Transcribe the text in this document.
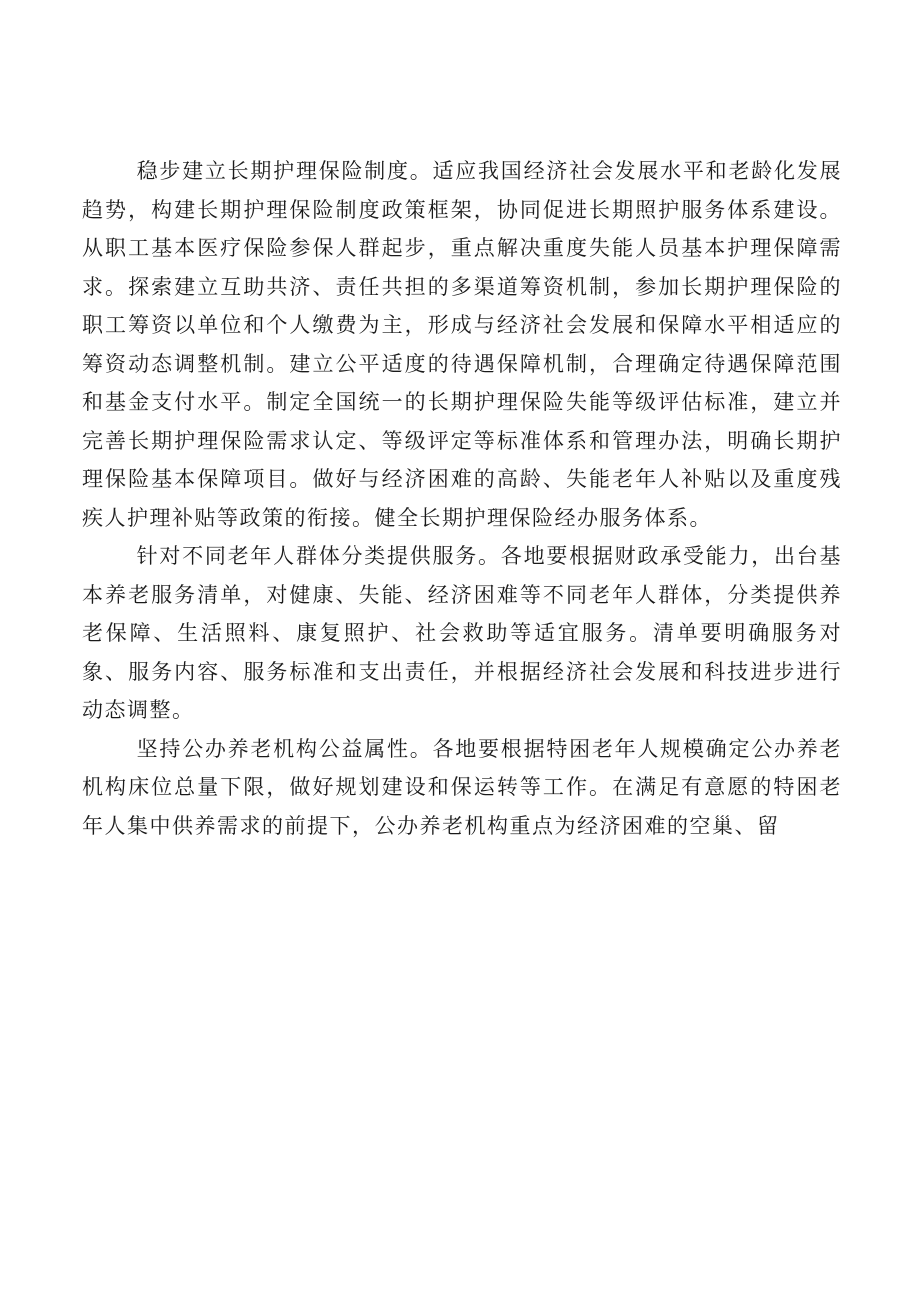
稳步建立长期护理保险制度。适应我国经济社会发展水平和老龄化发展趋势，构建长期护理保险制度政策框架，协同促进长期照护服务体系建设。从职工基本医疗保险参保人群起步，重点解决重度失能人员基本护理保障需求。探索建立互助共济、责任共担的多渠道筹资机制，参加长期护理保险的职工筹资以单位和个人缴费为主，形成与经济社会发展和保障水平相适应的筹资动态调整机制。建立公平适度的待遇保障机制，合理确定待遇保障范围和基金支付水平。制定全国统一的长期护理保险失能等级评估标准，建立并完善长期护理保险需求认定、等级评定等标准体系和管理办法，明确长期护理保险基本保障项目。做好与经济困难的高龄、失能老年人补贴以及重度残疾人护理补贴等政策的衔接。健全长期护理保险经办服务体系。

针对不同老年人群体分类提供服务。各地要根据财政承受能力，出台基本养老服务清单，对健康、失能、经济困难等不同老年人群体，分类提供养老保障、生活照料、康复照护、社会救助等适宜服务。清单要明确服务对象、服务内容、服务标准和支出责任，并根据经济社会发展和科技进步进行动态调整。

坚持公办养老机构公益属性。各地要根据特困老年人规模确定公办养老机构床位总量下限，做好规划建设和保运转等工作。在满足有意愿的特困老年人集中供养需求的前提下，公办养老机构重点为经济困难的空巢、留
